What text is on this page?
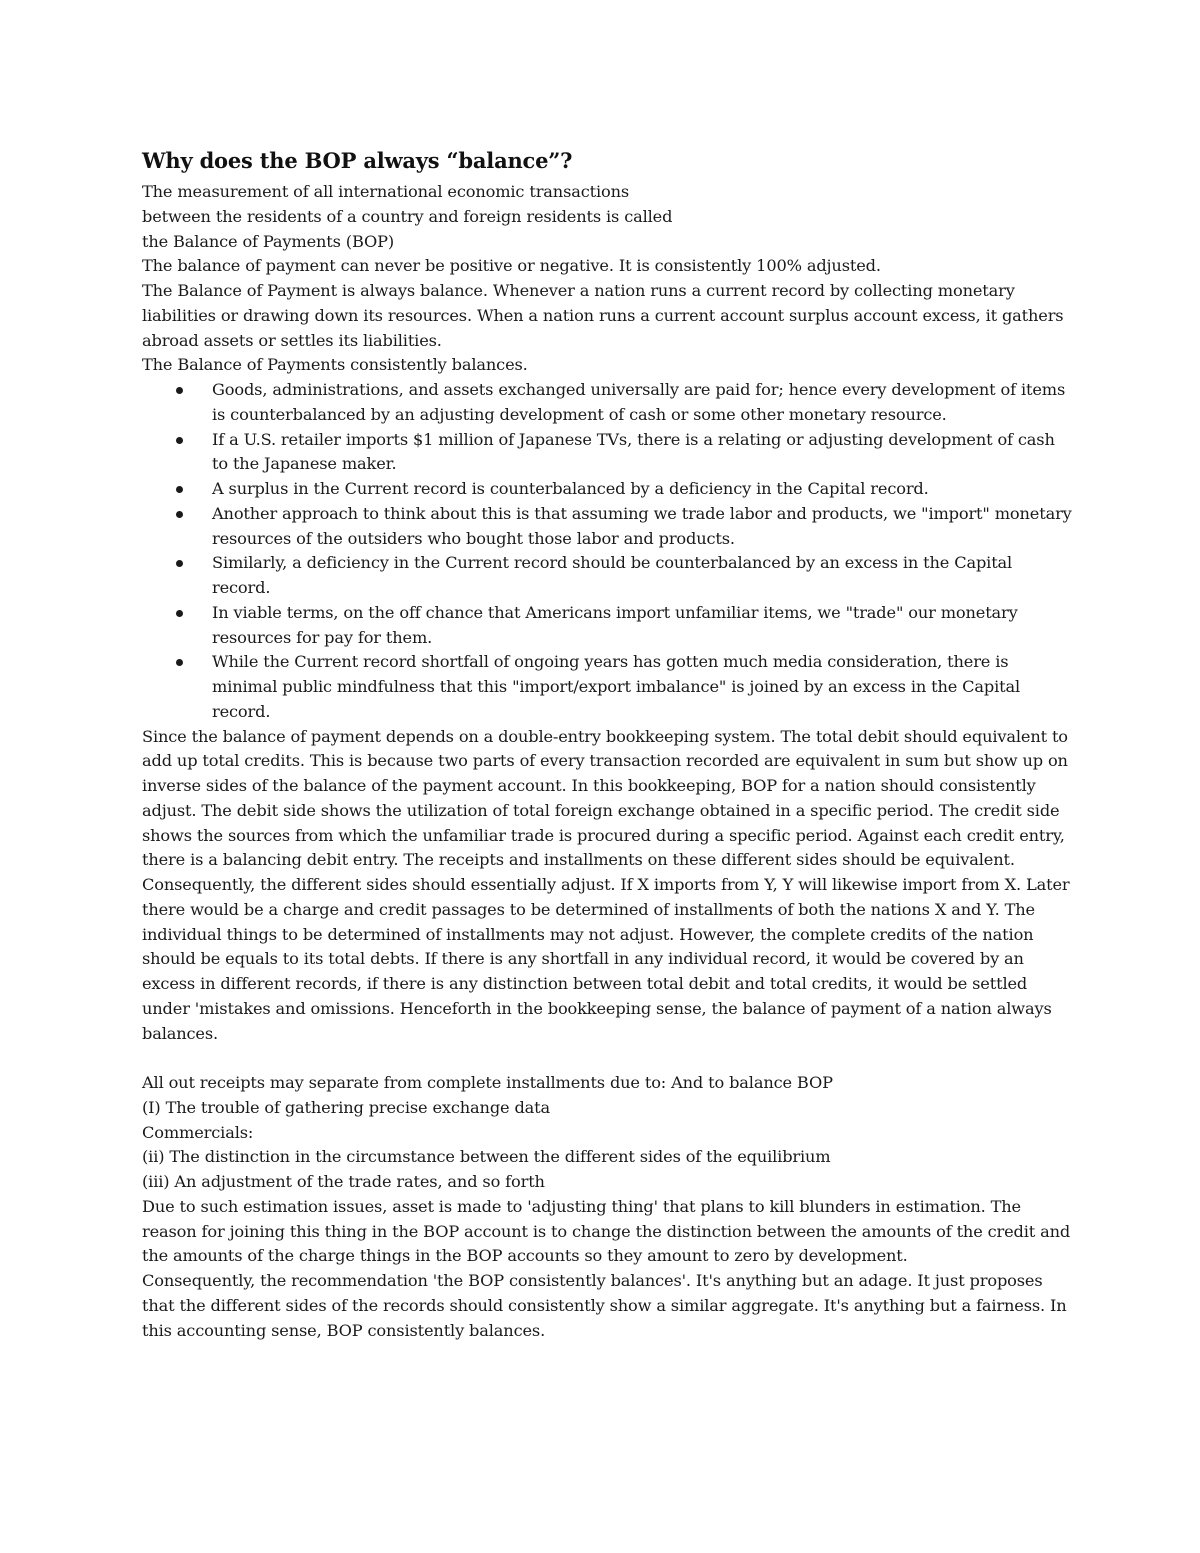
Why does the BOP always “balance”?

The measurement of all international economic transactions

between the residents of a country and foreign residents is called

the Balance of Payments (BOP)

The balance of payment can never be positive or negative. It is consistently 100% adjusted.

The Balance of Payment is always balance. Whenever a nation runs a current record by collecting monetary liabilities or drawing down its resources. When a nation runs a current account surplus account excess, it gathers abroad assets or settles its liabilities.

The Balance of Payments consistently balances.

Goods, administrations, and assets exchanged universally are paid for; hence every development of items is counterbalanced by an adjusting development of cash or some other monetary resource.
If a U.S. retailer imports $1 million of Japanese TVs, there is a relating or adjusting development of cash to the Japanese maker.
A surplus in the Current record is counterbalanced by a deficiency in the Capital record.
Another approach to think about this is that assuming we trade labor and products, we "import" monetary resources of the outsiders who bought those labor and products.
Similarly, a deficiency in the Current record should be counterbalanced by an excess in the Capital record.
In viable terms, on the off chance that Americans import unfamiliar items, we "trade" our monetary resources for pay for them.
While the Current record shortfall of ongoing years has gotten much media consideration, there is minimal public mindfulness that this "import/export imbalance" is joined by an excess in the Capital record.

Since the balance of payment depends on a double-entry bookkeeping system. The total debit should equivalent to add up total credits. This is because two parts of every transaction recorded are equivalent in sum but show up on inverse sides of the balance of the payment account. In this bookkeeping, BOP for a nation should consistently adjust. The debit side shows the utilization of total foreign exchange obtained in a specific period. The credit side shows the sources from which the unfamiliar trade is procured during a specific period. Against each credit entry, there is a balancing debit entry. The receipts and installments on these different sides should be equivalent. Consequently, the different sides should essentially adjust. If X imports from Y, Y will likewise import from X. Later there would be a charge and credit passages to be determined of installments of both the nations X and Y. The individual things to be determined of installments may not adjust. However, the complete credits of the nation should be equals to its total debts. If there is any shortfall in any individual record, it would be covered by an excess in different records, if there is any distinction between total debit and total credits, it would be settled under 'mistakes and omissions. Henceforth in the bookkeeping sense, the balance of payment of a nation always balances.

All out receipts may separate from complete installments due to: And to balance BOP

(I) The trouble of gathering precise exchange data

Commercials:

(ii) The distinction in the circumstance between the different sides of the equilibrium

(iii) An adjustment of the trade rates, and so forth

Due to such estimation issues, asset is made to 'adjusting thing' that plans to kill blunders in estimation. The reason for joining this thing in the BOP account is to change the distinction between the amounts of the credit and the amounts of the charge things in the BOP accounts so they amount to zero by development.

Consequently, the recommendation 'the BOP consistently balances'. It's anything but an adage. It just proposes that the different sides of the records should consistently show a similar aggregate. It's anything but a fairness. In this accounting sense, BOP consistently balances.
